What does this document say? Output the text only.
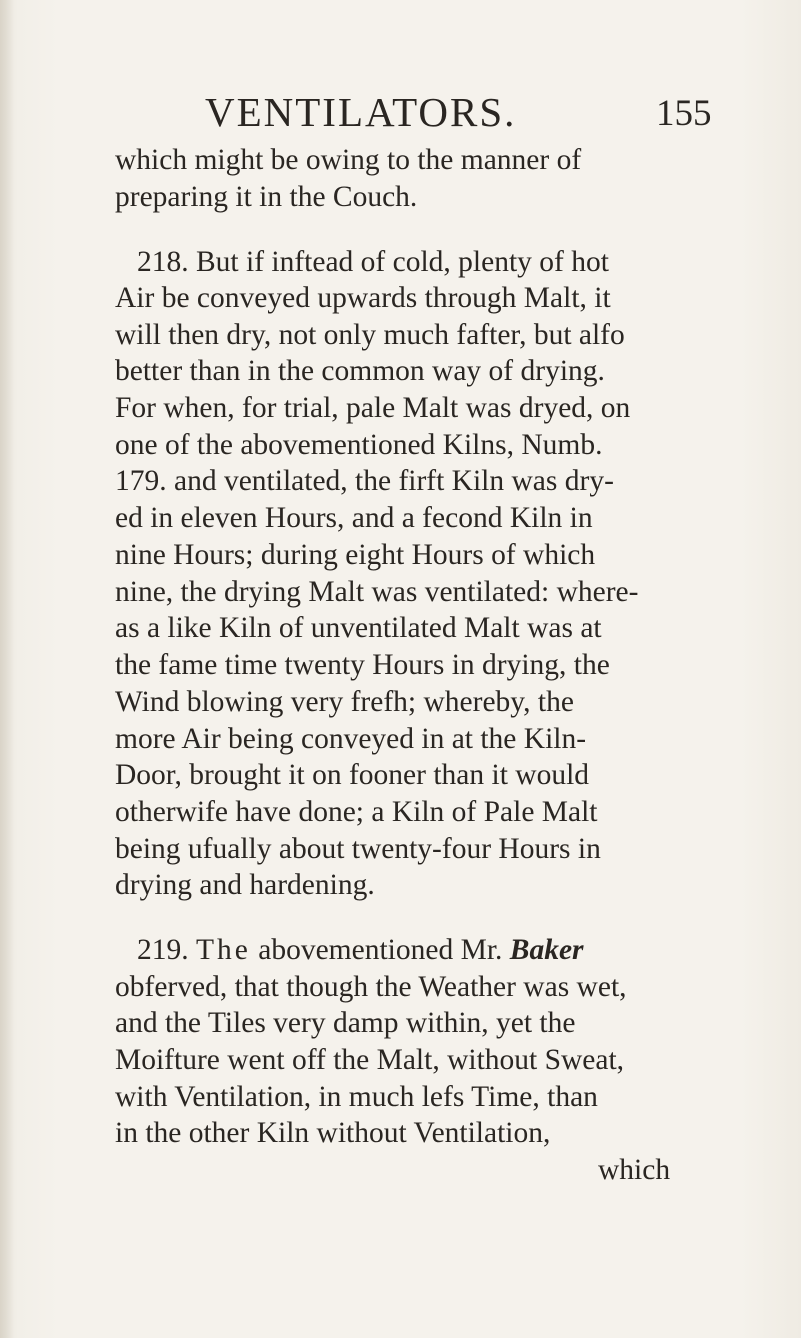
VENTILATORS.	155
which might be owing to the manner of
preparing it in the Couch.
218. But if inftead of cold, plenty of hot
Air be conveyed upwards through Malt, it
will then dry, not only much fafter, but alfo
better than in the common way of drying.
For when, for trial, pale Malt was dryed, on
one of the abovementioned Kilns, Numb.
179. and ventilated, the firft Kiln was dry-
ed in eleven Hours, and a fecond Kiln in
nine Hours; during eight Hours of which
nine, the drying Malt was ventilated: where-
as a like Kiln of unventilated Malt was at
the fame time twenty Hours in drying, the
Wind blowing very frefh; whereby, the
more Air being conveyed in at the Kiln-
Door, brought it on fooner than it would
otherwife have done; a Kiln of Pale Malt
being ufually about twenty-four Hours in
drying and hardening.
219. The abovementioned Mr. Baker
obferved, that though the Weather was wet,
and the Tiles very damp within, yet the
Moifture went off the Malt, without Sweat,
with Ventilation, in much lefs Time, than
in the other Kiln without Ventilation,
which
